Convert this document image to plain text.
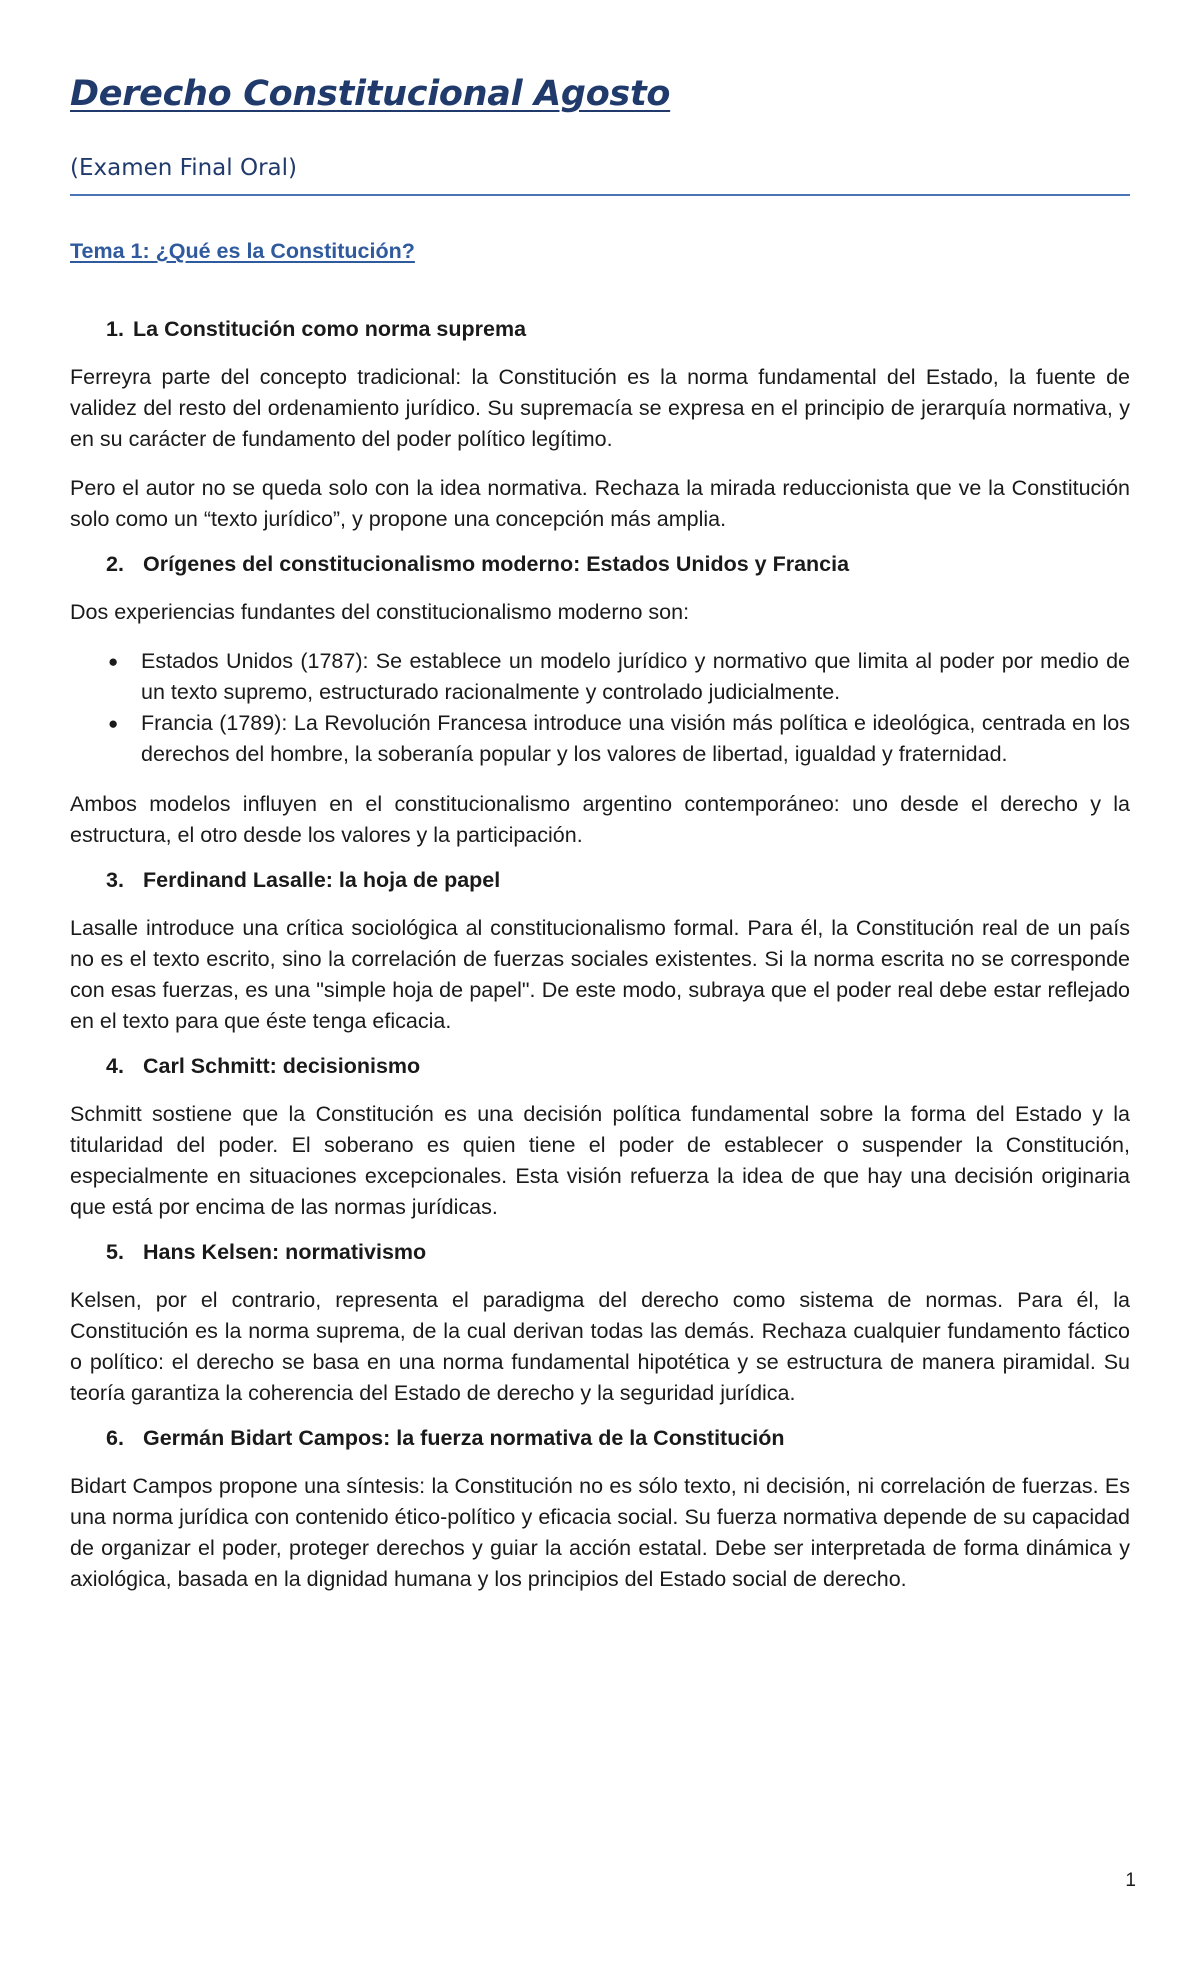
Derecho Constitucional Agosto
(Examen Final Oral)
Tema 1: ¿Qué es la Constitución?
1. La Constitución como norma suprema

Ferreyra parte del concepto tradicional: la Constitución es la norma fundamental del Estado, la fuente de validez del resto del ordenamiento jurídico. Su supremacía se expresa en el principio de jerarquía normativa, y en su carácter de fundamento del poder político legítimo.

Pero el autor no se queda solo con la idea normativa. Rechaza la mirada reduccionista que ve la Constitución solo como un “texto jurídico”, y propone una concepción más amplia.

2. Orígenes del constitucionalismo moderno: Estados Unidos y Francia

Dos experiencias fundantes del constitucionalismo moderno son:

● Estados Unidos (1787): Se establece un modelo jurídico y normativo que limita al poder por medio de un texto supremo, estructurado racionalmente y controlado judicialmente.
● Francia (1789): La Revolución Francesa introduce una visión más política e ideológica, centrada en los derechos del hombre, la soberanía popular y los valores de libertad, igualdad y fraternidad.

Ambos modelos influyen en el constitucionalismo argentino contemporáneo: uno desde el derecho y la estructura, el otro desde los valores y la participación.

3. Ferdinand Lasalle: la hoja de papel

Lasalle introduce una crítica sociológica al constitucionalismo formal. Para él, la Constitución real de un país no es el texto escrito, sino la correlación de fuerzas sociales existentes. Si la norma escrita no se corresponde con esas fuerzas, es una "simple hoja de papel". De este modo, subraya que el poder real debe estar reflejado en el texto para que éste tenga eficacia.

4. Carl Schmitt: decisionismo

Schmitt sostiene que la Constitución es una decisión política fundamental sobre la forma del Estado y la titularidad del poder. El soberano es quien tiene el poder de establecer o suspender la Constitución, especialmente en situaciones excepcionales. Esta visión refuerza la idea de que hay una decisión originaria que está por encima de las normas jurídicas.

5. Hans Kelsen: normativismo

Kelsen, por el contrario, representa el paradigma del derecho como sistema de normas. Para él, la Constitución es la norma suprema, de la cual derivan todas las demás. Rechaza cualquier fundamento fáctico o político: el derecho se basa en una norma fundamental hipotética y se estructura de manera piramidal. Su teoría garantiza la coherencia del Estado de derecho y la seguridad jurídica.

6. Germán Bidart Campos: la fuerza normativa de la Constitución

Bidart Campos propone una síntesis: la Constitución no es sólo texto, ni decisión, ni correlación de fuerzas. Es una norma jurídica con contenido ético-político y eficacia social. Su fuerza normativa depende de su capacidad de organizar el poder, proteger derechos y guiar la acción estatal. Debe ser interpretada de forma dinámica y axiológica, basada en la dignidad humana y los principios del Estado social de derecho.

1
